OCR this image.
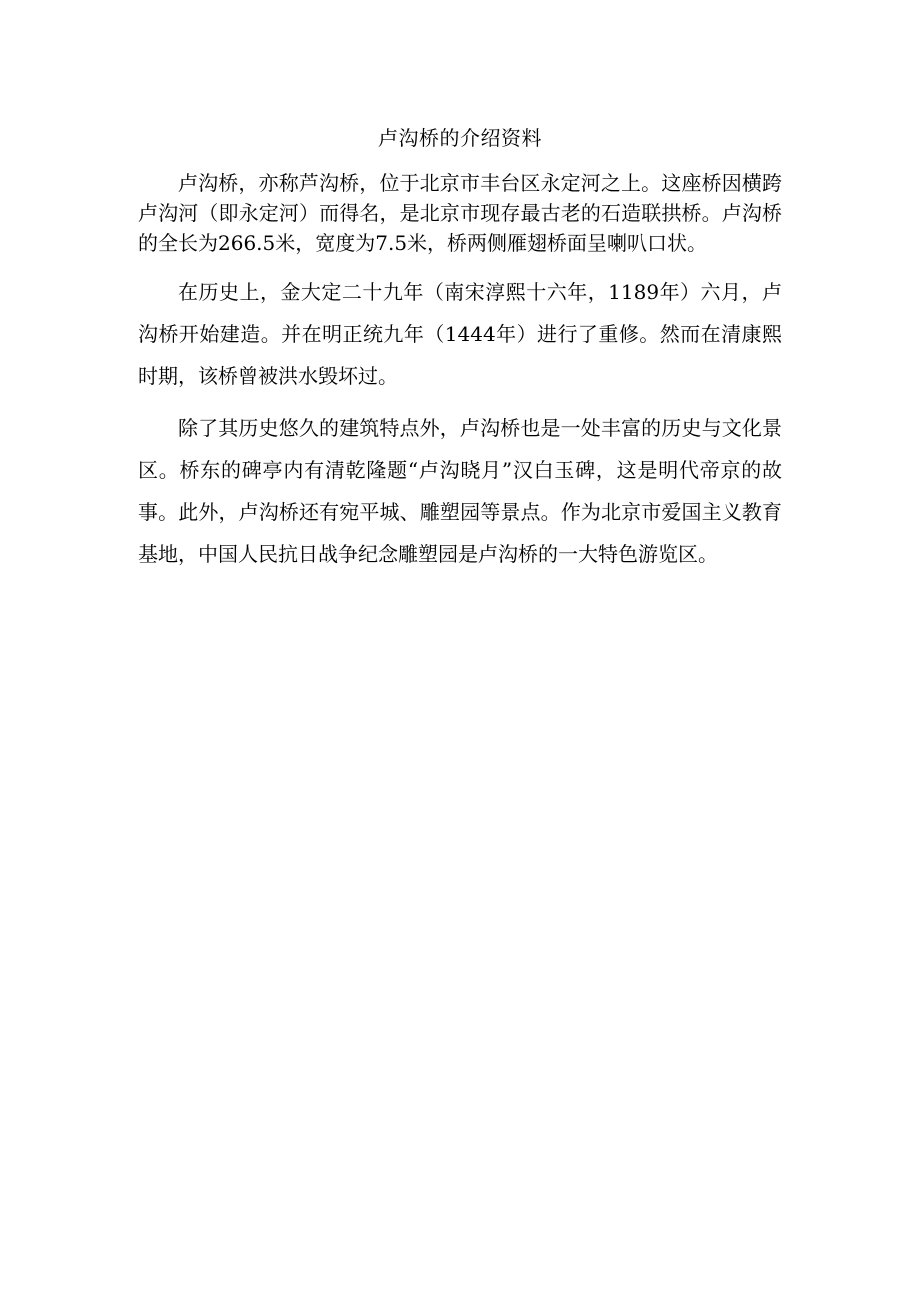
卢沟桥的介绍资料

卢沟桥，亦称芦沟桥，位于北京市丰台区永定河之上。这座桥因横跨卢沟河（即永定河）而得名，是北京市现存最古老的石造联拱桥。卢沟桥的全长为266.5米，宽度为7.5米，桥两侧雁翅桥面呈喇叭口状。

在历史上，金大定二十九年（南宋淳熙十六年，1189年）六月，卢沟桥开始建造。并在明正统九年（1444年）进行了重修。然而在清康熙时期，该桥曾被洪水毁坏过。

除了其历史悠久的建筑特点外，卢沟桥也是一处丰富的历史与文化景区。桥东的碑亭内有清乾隆题“卢沟晓月”汉白玉碑，这是明代帝京的故事。此外，卢沟桥还有宛平城、雕塑园等景点。作为北京市爱国主义教育基地，中国人民抗日战争纪念雕塑园是卢沟桥的一大特色游览区。
